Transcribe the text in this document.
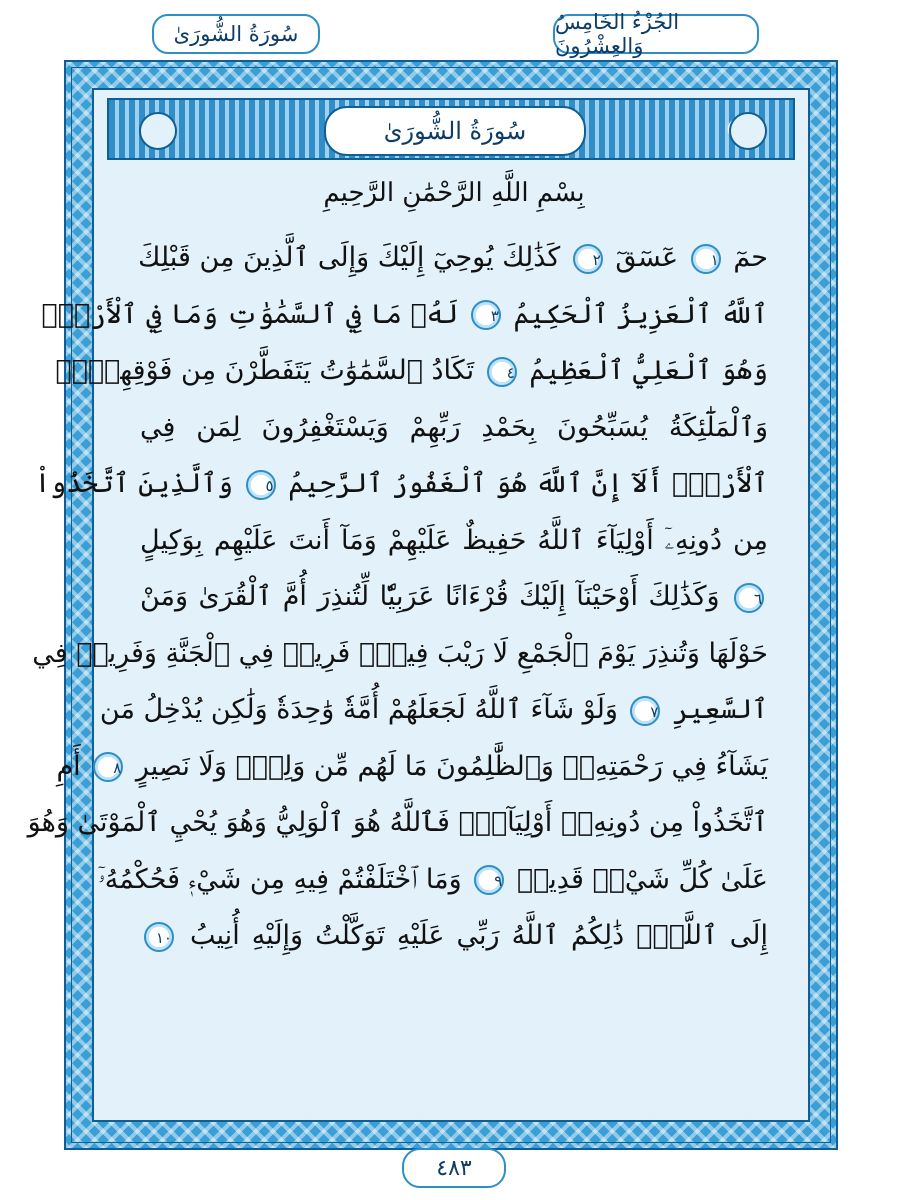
سُورَةُ الشُّورَىٰ	الجُزْءُ الخَامِسُ وَالعِشْرُونَ
سُورَةُ الشُّورَىٰ
بِسْمِ اللَّهِ الرَّحْمَٰنِ الرَّحِيمِ
حمٓ ١ عٓسٓقٓ ٢ كَذَٰلِكَ يُوحِيٓ إِلَيْكَ وَإِلَى ٱلَّذِينَ مِن قَبْلِكَ
ٱللَّهُ ٱلْعَزِيزُ ٱلْحَكِيمُ ٣ لَهُۥ مَا فِي ٱلسَّمَٰوَٰتِ وَمَا فِي ٱلْأَرْضِۖ
وَهُوَ ٱلْعَلِيُّ ٱلْعَظِيمُ ٤ تَكَادُ ٱلسَّمَٰوَٰتُ يَتَفَطَّرْنَ مِن فَوْقِهِنَّۚ
وَٱلْمَلَٰٓئِكَةُ يُسَبِّحُونَ بِحَمْدِ رَبِّهِمْ وَيَسْتَغْفِرُونَ لِمَن فِي
ٱلْأَرْضِۗ أَلَآ إِنَّ ٱللَّهَ هُوَ ٱلْغَفُورُ ٱلرَّحِيمُ ٥ وَٱلَّذِينَ ٱتَّخَذُواْ
مِن دُونِهِۦٓ أَوْلِيَآءَ ٱللَّهُ حَفِيظٌ عَلَيْهِمْ وَمَآ أَنتَ عَلَيْهِم بِوَكِيلٍ
٦ وَكَذَٰلِكَ أَوْحَيْنَآ إِلَيْكَ قُرْءَانًا عَرَبِيّٗا لِّتُنذِرَ أُمَّ ٱلْقُرَىٰ وَمَنْ
حَوْلَهَا وَتُنذِرَ يَوْمَ ٱلْجَمْعِ لَا رَيْبَ فِيهِۚ فَرِيقٞ فِي ٱلْجَنَّةِ وَفَرِيقٞ فِي
ٱلسَّعِيرِ ٧ وَلَوْ شَآءَ ٱللَّهُ لَجَعَلَهُمْ أُمَّةٗ وَٰحِدَةٗ وَلَٰكِن يُدْخِلُ مَن
يَشَآءُ فِي رَحْمَتِهِۦۚ وَٱلظَّٰلِمُونَ مَا لَهُم مِّن وَلِيّٖ وَلَا نَصِيرٍ ٨ أَمِ
ٱتَّخَذُواْ مِن دُونِهِۦٓ أَوْلِيَآءَۖ فَٱللَّهُ هُوَ ٱلْوَلِيُّ وَهُوَ يُحْيِ ٱلْمَوْتَىٰ وَهُوَ
عَلَىٰ كُلِّ شَيْءٖ قَدِيرٞ ٩ وَمَا ٱخْتَلَفْتُمْ فِيهِ مِن شَيْءٖ فَحُكْمُهُۥٓ
إِلَى ٱللَّهِۚ ذَٰلِكُمُ ٱللَّهُ رَبِّي عَلَيْهِ تَوَكَّلْتُ وَإِلَيْهِ أُنِيبُ ١٠
٤٨٣
